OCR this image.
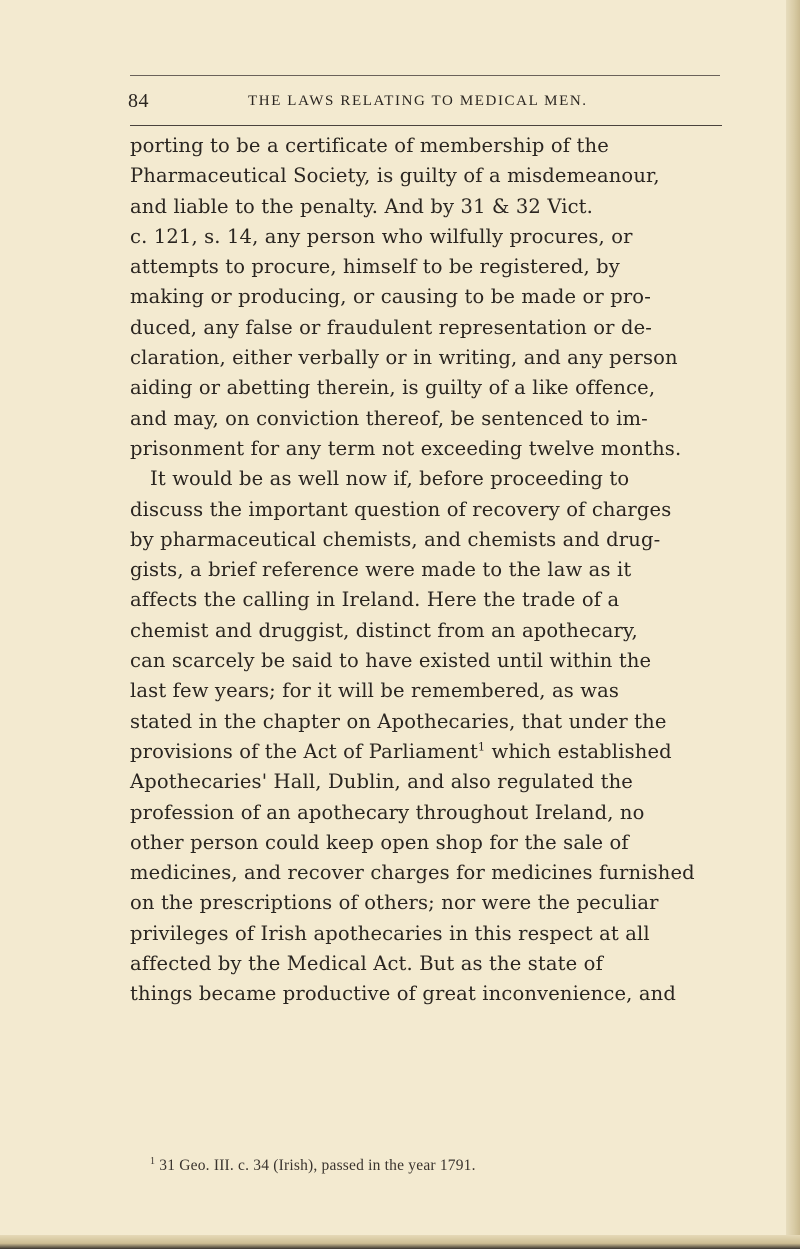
84	THE LAWS RELATING TO MEDICAL MEN.
porting to be a certificate of membership of the
Pharmaceutical Society, is guilty of a misdemeanour,
and liable to the penalty. And by 31 & 32 Vict.
c. 121, s. 14, any person who wilfully procures, or
attempts to procure, himself to be registered, by
making or producing, or causing to be made or pro-
duced, any false or fraudulent representation or de-
claration, either verbally or in writing, and any person
aiding or abetting therein, is guilty of a like offence,
and may, on conviction thereof, be sentenced to im-
prisonment for any term not exceeding twelve months.
It would be as well now if, before proceeding to
discuss the important question of recovery of charges
by pharmaceutical chemists, and chemists and drug-
gists, a brief reference were made to the law as it
affects the calling in Ireland. Here the trade of a
chemist and druggist, distinct from an apothecary,
can scarcely be said to have existed until within the
last few years; for it will be remembered, as was
stated in the chapter on Apothecaries, that under the
provisions of the Act of Parliament$^1$ which established
Apothecaries' Hall, Dublin, and also regulated the
profession of an apothecary throughout Ireland, no
other person could keep open shop for the sale of
medicines, and recover charges for medicines furnished
on the prescriptions of others; nor were the peculiar
privileges of Irish apothecaries in this respect at all
affected by the Medical Act. But as the state of
things became productive of great inconvenience, and
$^1$ 31 Geo. III. c. 34 (Irish), passed in the year 1791.
